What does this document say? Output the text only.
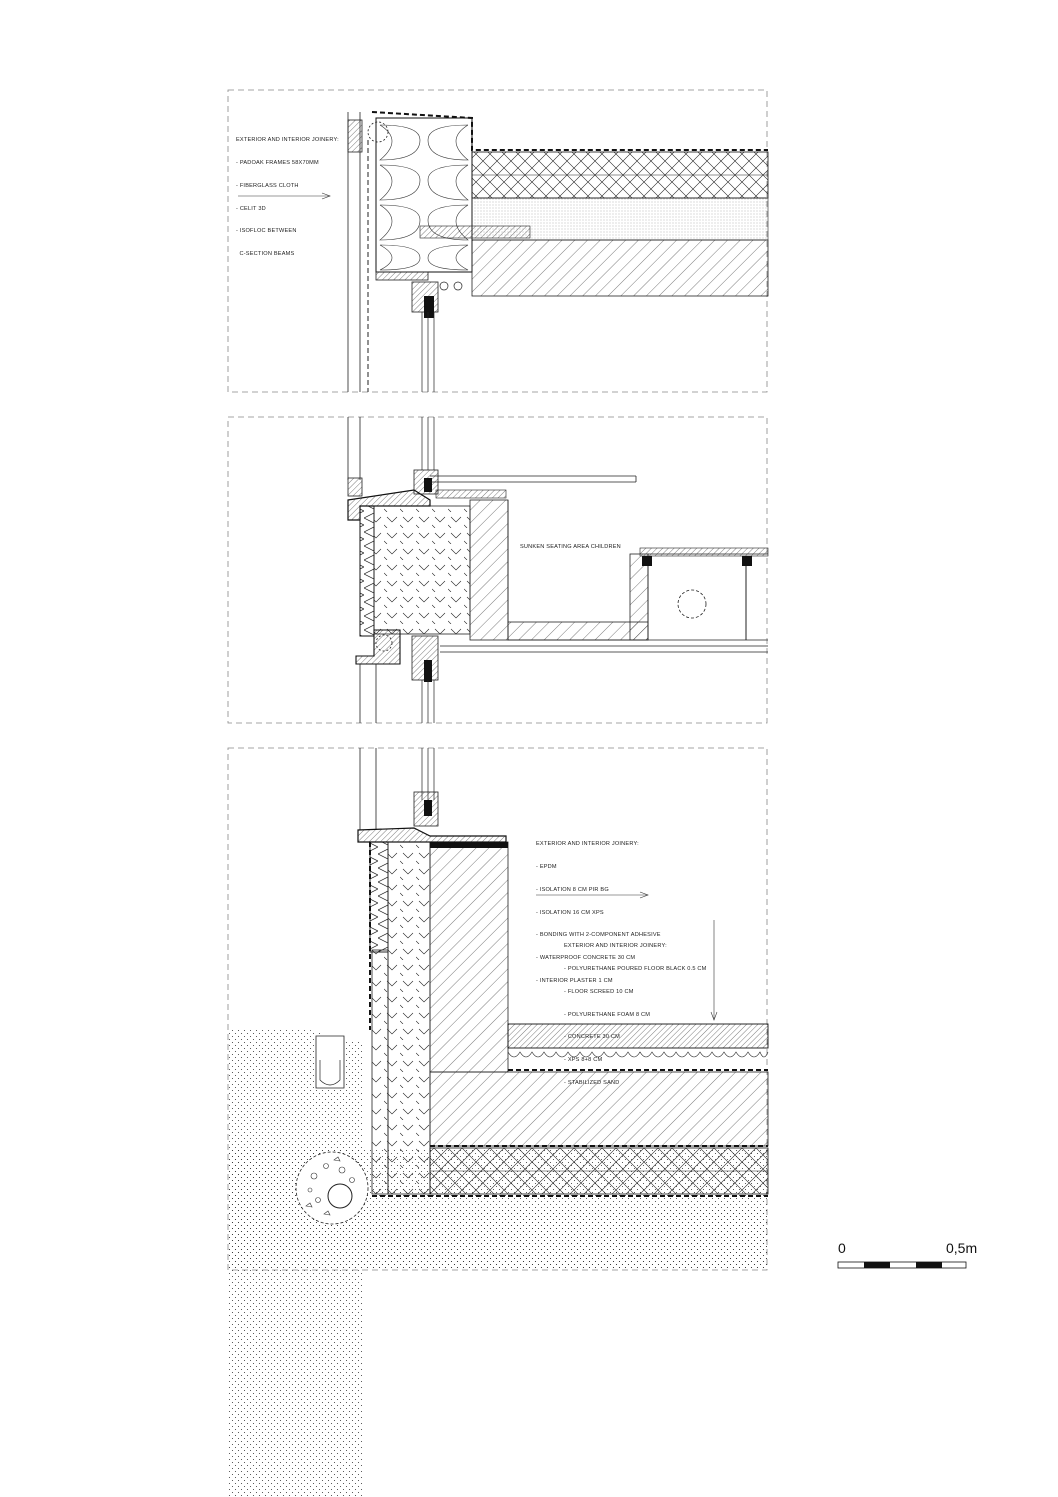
EXTERIOR AND INTERIOR JOINERY:

- PADOAK FRAMES 58X70MM

- FIBERGLASS CLOTH

- CELIT 3D

- ISOFLOC BETWEEN

C-SECTION BEAMS

SUNKEN SEATING AREA CHILDREN

EXTERIOR AND INTERIOR JOINERY:

- EPDM

- ISOLATION 8 CM PIR BG

- ISOLATION 16 CM XPS

- BONDING WITH 2-COMPONENT ADHESIVE

- WATERPROOF CONCRETE 30 CM

- INTERIOR PLASTER 1 CM

EXTERIOR AND INTERIOR JOINERY:

- POLYURETHANE POURED FLOOR BLACK 0.5 CM

- FLOOR SCREED 10 CM

- POLYURETHANE FOAM 8 CM

- CONCRETE 30 CM

- XPS 8+8 CM

- STABILIZED SAND

0	0,5m
